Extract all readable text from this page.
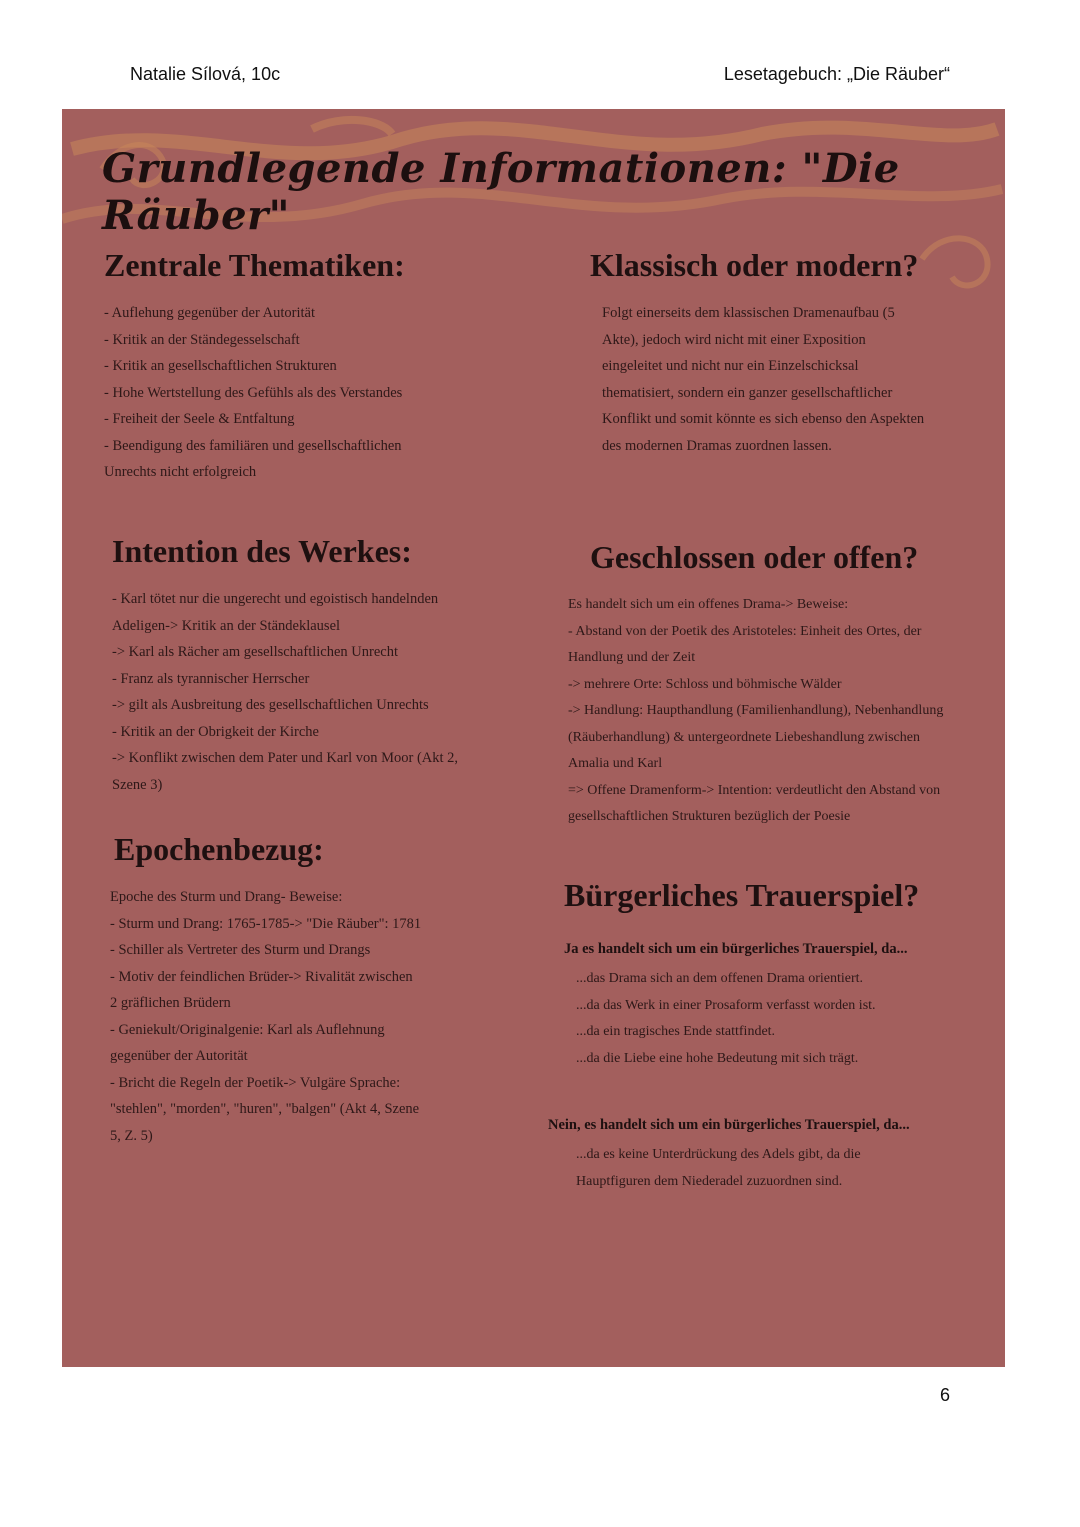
Natalie Sílová, 10c	Lesetagebuch: „Die Räuber“
Grundlegende Informationen: "Die Räuber"
Zentrale Thematiken:
- Auflehung gegenüber der Autorität
- Kritik an der Ständegesselschaft
- Kritik an gesellschaftlichen Strukturen
- Hohe Wertstellung des Gefühls als des Verstandes
- Freiheit der Seele & Entfaltung
- Beendigung des familiären und gesellschaftlichen
Unrechts nicht erfolgreich
Klassisch oder modern?
Folgt einerseits dem klassischen Dramenaufbau (5
Akte), jedoch wird nicht mit einer Exposition
eingeleitet und nicht nur ein Einzelschicksal
thematisiert, sondern ein ganzer gesellschaftlicher
Konflikt und somit könnte es sich ebenso den Aspekten
des modernen Dramas zuordnen lassen.
Intention des Werkes:
- Karl tötet nur die ungerecht und egoistisch handelnden
Adeligen-> Kritik an der Ständeklausel
-> Karl als Rächer am gesellschaftlichen Unrecht
- Franz als tyrannischer Herrscher
-> gilt als Ausbreitung des gesellschaftlichen Unrechts
- Kritik an der Obrigkeit der Kirche
-> Konflikt zwischen dem Pater und Karl von Moor (Akt 2,
Szene 3)
Geschlossen oder offen?
Es handelt sich um ein offenes Drama-> Beweise:
- Abstand von der Poetik des Aristoteles: Einheit des Ortes, der
Handlung und der Zeit
-> mehrere Orte: Schloss und böhmische Wälder
-> Handlung: Haupthandlung (Familienhandlung), Nebenhandlung
(Räuberhandlung) & untergeordnete Liebeshandlung zwischen
Amalia und Karl
=> Offene Dramenform-> Intention: verdeutlicht den Abstand von
gesellschaftlichen Strukturen bezüglich der Poesie
Epochenbezug:
Epoche des Sturm und Drang- Beweise:
- Sturm und Drang: 1765-1785-> "Die Räuber": 1781
- Schiller als Vertreter des Sturm und Drangs
- Motiv der feindlichen Brüder-> Rivalität zwischen
2 gräflichen Brüdern
- Geniekult/Originalgenie: Karl als Auflehnung
gegenüber der Autorität
- Bricht die Regeln der Poetik-> Vulgäre Sprache:
"stehlen", "morden", "huren", "balgen" (Akt 4, Szene
5, Z. 5)
Bürgerliches Trauerspiel?
Ja es handelt sich um ein bürgerliches Trauerspiel, da...
...das Drama sich an dem offenen Drama orientiert.
...da das Werk in einer Prosaform verfasst worden ist.
...da ein tragisches Ende stattfindet.
...da die Liebe eine hohe Bedeutung mit sich trägt.
Nein, es handelt sich um ein bürgerliches Trauerspiel, da...
...da es keine Unterdrückung des Adels gibt, da die
Hauptfiguren dem Niederadel zuzuordnen sind.
6
